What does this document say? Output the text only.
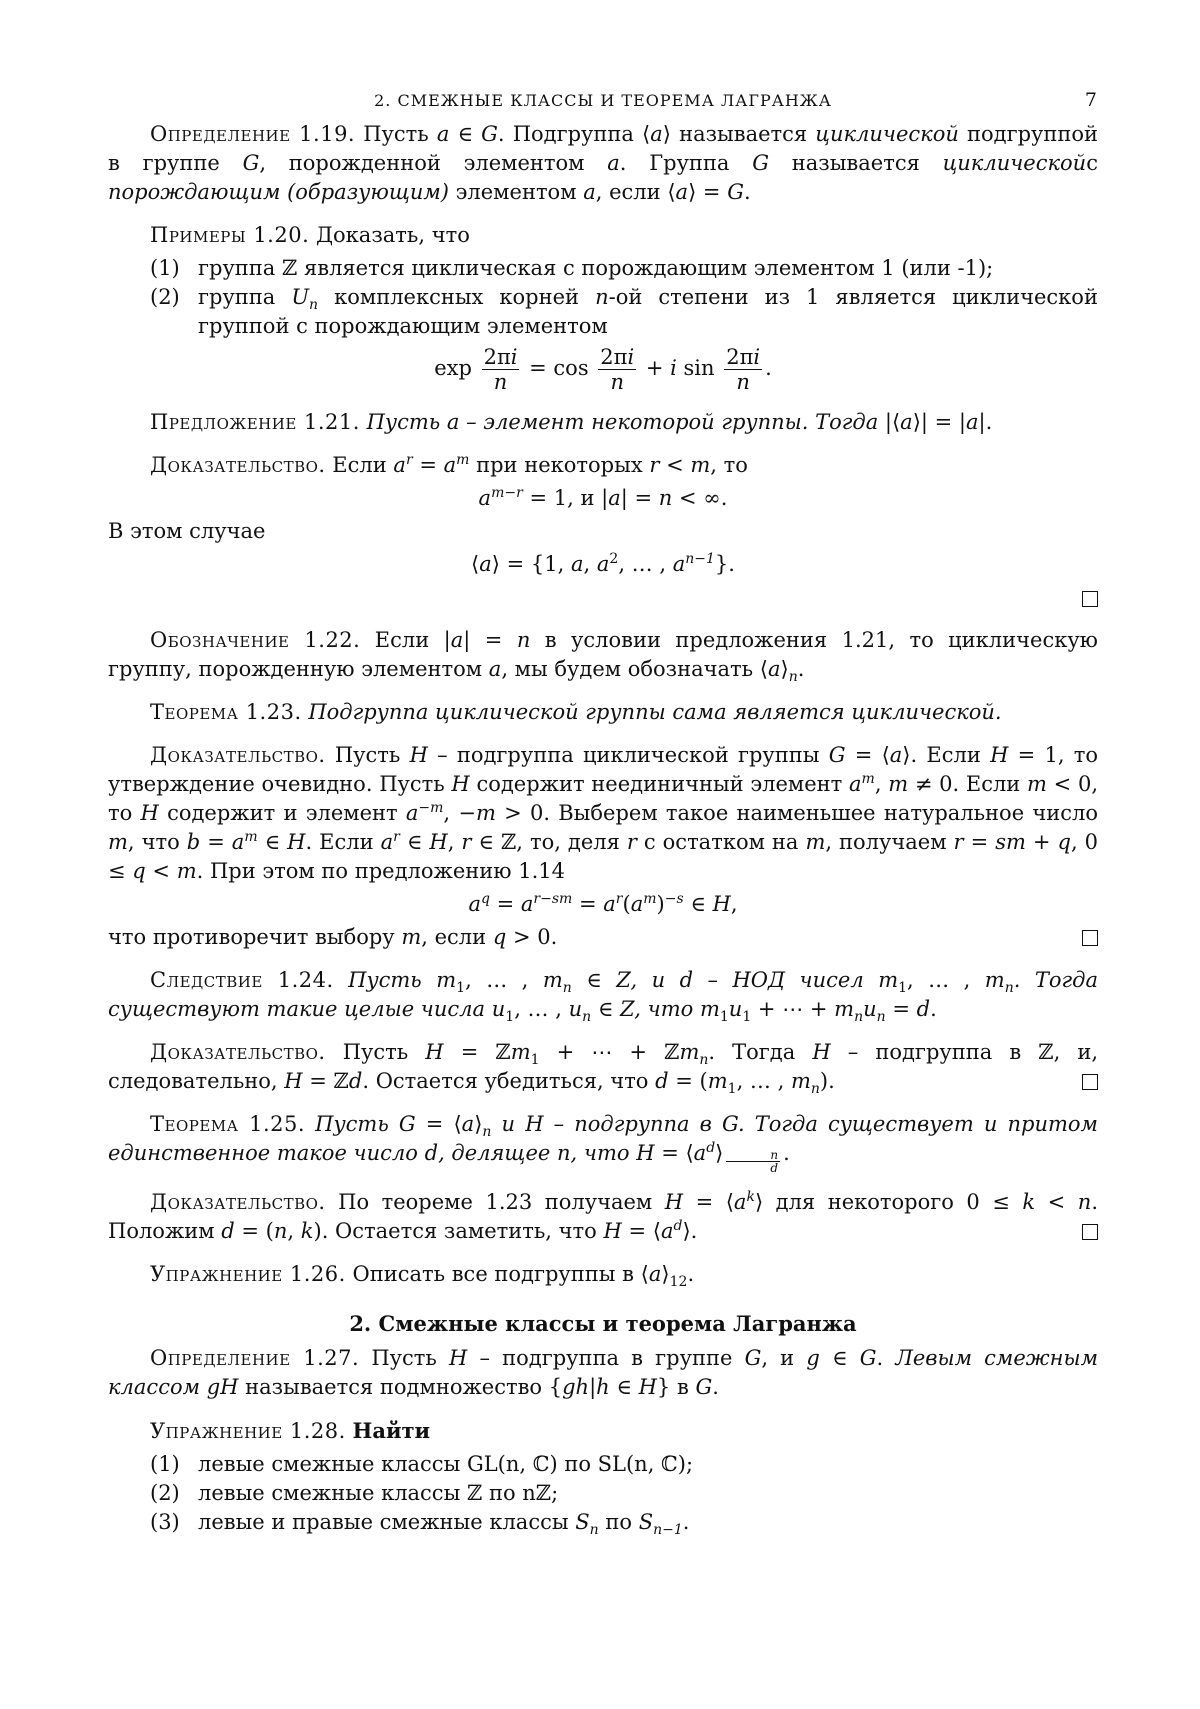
2. СМЕЖНЫЕ КЛАССЫ И ТЕОРЕМА ЛАГРАНЖА	7

Определение 1.19. Пусть a ∈ G. Подгруппа ⟨a⟩ называется циклической подгруппой в группе G, порожденной элементом a. Группа G называется циклическойс порождающим (образующим) элементом a, если ⟨a⟩ = G.

Примеры 1.20. Доказать, что

(1) группа ℤ является циклическая с порождающим элементом 1 (или -1);
(2) группа $U_n$ комплексных корней n-ой степени из 1 является циклической группой с порождающим элементом
$\exp \frac{2\pi i}{n} = \cos \frac{2\pi i}{n} + i$ $\sin \frac{2\pi i}{n}$ .

Предложение 1.21. Пусть a – элемент некоторой группы. Тогда |⟨a⟩| = |a|.

Доказательство. Если $a^r = a^m$ при некоторых r < m, то

$a^{m-r} = 1$, и |a| = n < ∞.

В этом случае

⟨a⟩ = {1, a, $a^2$, … , $a^{n-1}$}.

Обозначение 1.22. Если |a| = n в условии предложения 1.21, то циклическую группу, порожденную элементом a, мы будем обозначать $⟨a⟩_n$.

Теорема 1.23. Подгруппа циклической группы сама является циклической.

Доказательство. Пусть H – подгруппа циклической группы G = ⟨a⟩. Если H = 1, то утверждение очевидно. Пусть H содержит неединичный элемент $a^m$, m ≠ 0. Если m < 0, то H содержит и элемент $a^{-m}$, −m > 0. Выберем такое наименьшее натуральное число m, что $b = a^m$ ∈ H. Если $a^r$ ∈ H, r ∈ ℤ, то, деля r с остатком на m, получаем r = sm + q, 0 ≤ q < m. При этом по предложению 1.14

$a^q = a^{r-sm} = a^r(a^m)^{-s}$ ∈ H,

что противоречит выбору m, если q > 0.

Следствие 1.24. Пусть $m_1$, … , $m_n$ ∈ Z, и d – НОД чисел $m_1$, … , $m_n$. Тогда существуют такие целые числа $u_1$, … , $u_n$ ∈ Z, что $m_1u_1$ + ⋯ + $m_nu_n = d$.

Доказательство. Пусть H = ℤm$_1$ + ⋯ + ℤm$_n$. Тогда H – подгруппа в ℤ, и, следовательно, H = ℤd. Остается убедиться, что $d = (m_1$, … , $m_n$).

Теорема 1.25. Пусть $G = ⟨a⟩_n$ и H – подгруппа в G. Тогда существует и притом единственное такое число d, делящее n, что $H = ⟨a^d⟩$ $_{\frac{n}{d}}$ .

Доказательство. По теореме 1.23 получаем $H = ⟨a^k⟩$ для некоторого 0 ≤ k < n. Положим d = (n, k). Остается заметить, что $H = ⟨a^d⟩$.

Упражнение 1.26. Описать все подгруппы в $⟨a⟩_{12}$.

2. Смежные классы и теорема Лагранжа

Определение 1.27. Пусть H – подгруппа в группе G, и g ∈ G. Левым смежным классом gH называется подмножество {gh|h ∈ H} в G.

Упражнение 1.28. Найти

(1) левые смежные классы GL(n, ℂ) по SL(n, ℂ);
(2) левые смежные классы ℤ по nℤ;
(3) левые и правые смежные классы $S_n$ по $S_{n-1}$.
